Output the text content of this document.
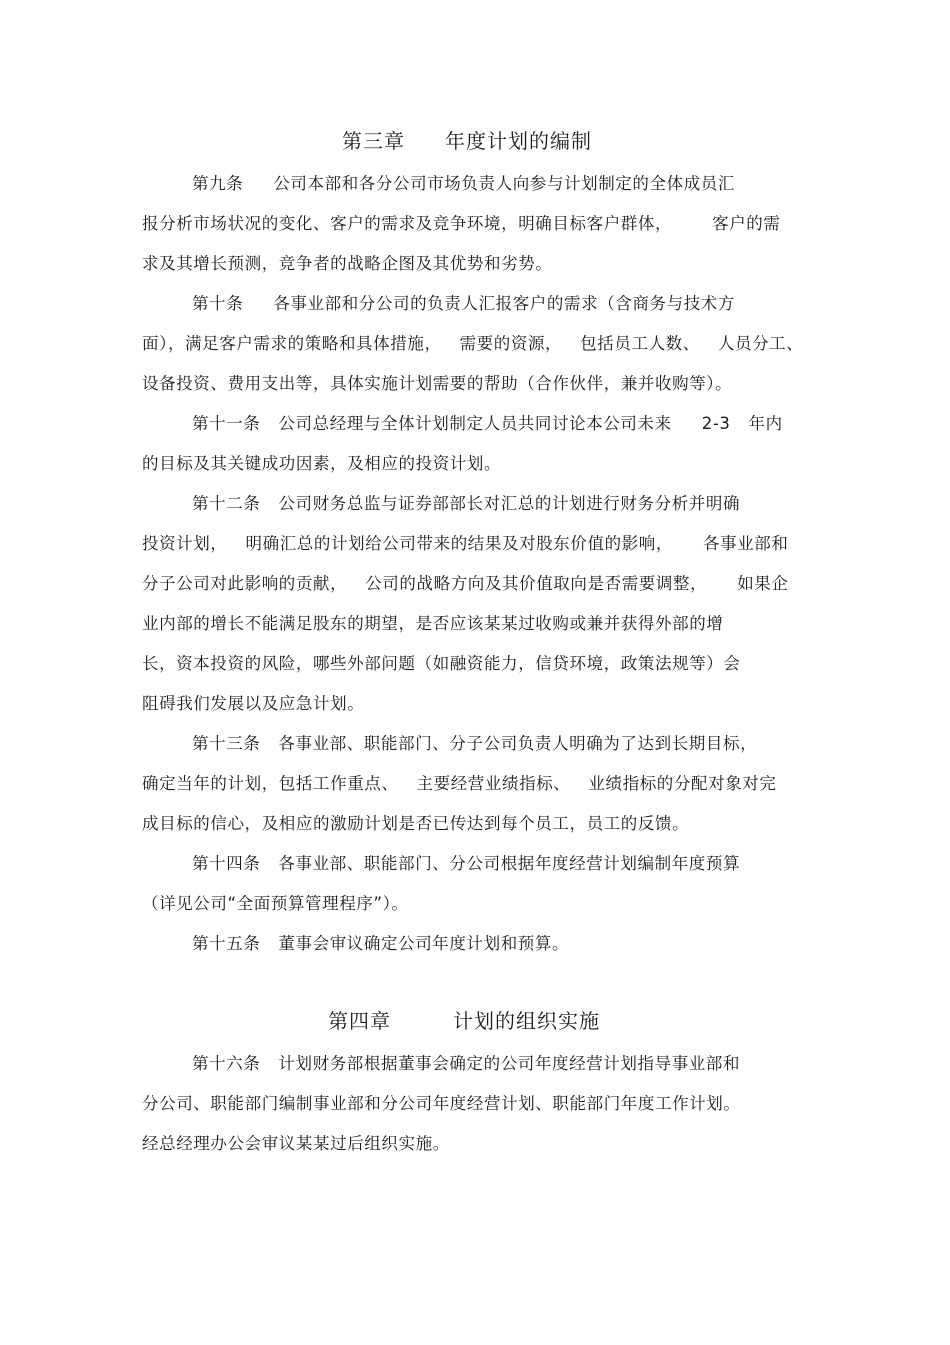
第三章 年度计划的编制
第九条 公司本部和各分公司市场负责人向参与计划制定的全体成员汇
报分析市场状况的变化、客户的需求及竞争环境，明确目标客户群体， 客户的需
求及其增长预测，竞争者的战略企图及其优势和劣势。
第十条 各事业部和分公司的负责人汇报客户的需求（含商务与技术方
面），满足客户需求的策略和具体措施， 需要的资源， 包括员工人数、 人员分工、
设备投资、费用支出等，具体实施计划需要的帮助（合作伙伴，兼并收购等）。
第十一条 公司总经理与全体计划制定人员共同讨论本公司未来 2-3 年内
的目标及其关键成功因素，及相应的投资计划。
第十二条 公司财务总监与证券部部长对汇总的计划进行财务分析并明确
投资计划， 明确汇总的计划给公司带来的结果及对股东价值的影响， 各事业部和
分子公司对此影响的贡献， 公司的战略方向及其价值取向是否需要调整， 如果企
业内部的增长不能满足股东的期望，是否应该某某过收购或兼并获得外部的增
长，资本投资的风险，哪些外部问题（如融资能力，信贷环境，政策法规等）会
阻碍我们发展以及应急计划。
第十三条 各事业部、职能部门、分子公司负责人明确为了达到长期目标，
确定当年的计划，包括工作重点、 主要经营业绩指标、 业绩指标的分配对象对完
成目标的信心，及相应的激励计划是否已传达到每个员工，员工的反馈。
第十四条 各事业部、职能部门、分公司根据年度经营计划编制年度预算
（详见公司“全面预算管理程序”）。
第十五条 董事会审议确定公司年度计划和预算。
第四章	计划的组织实施
第十六条 计划财务部根据董事会确定的公司年度经营计划指导事业部和
分公司、职能部门编制事业部和分公司年度经营计划、职能部门年度工作计划。
经总经理办公会审议某某过后组织实施。
